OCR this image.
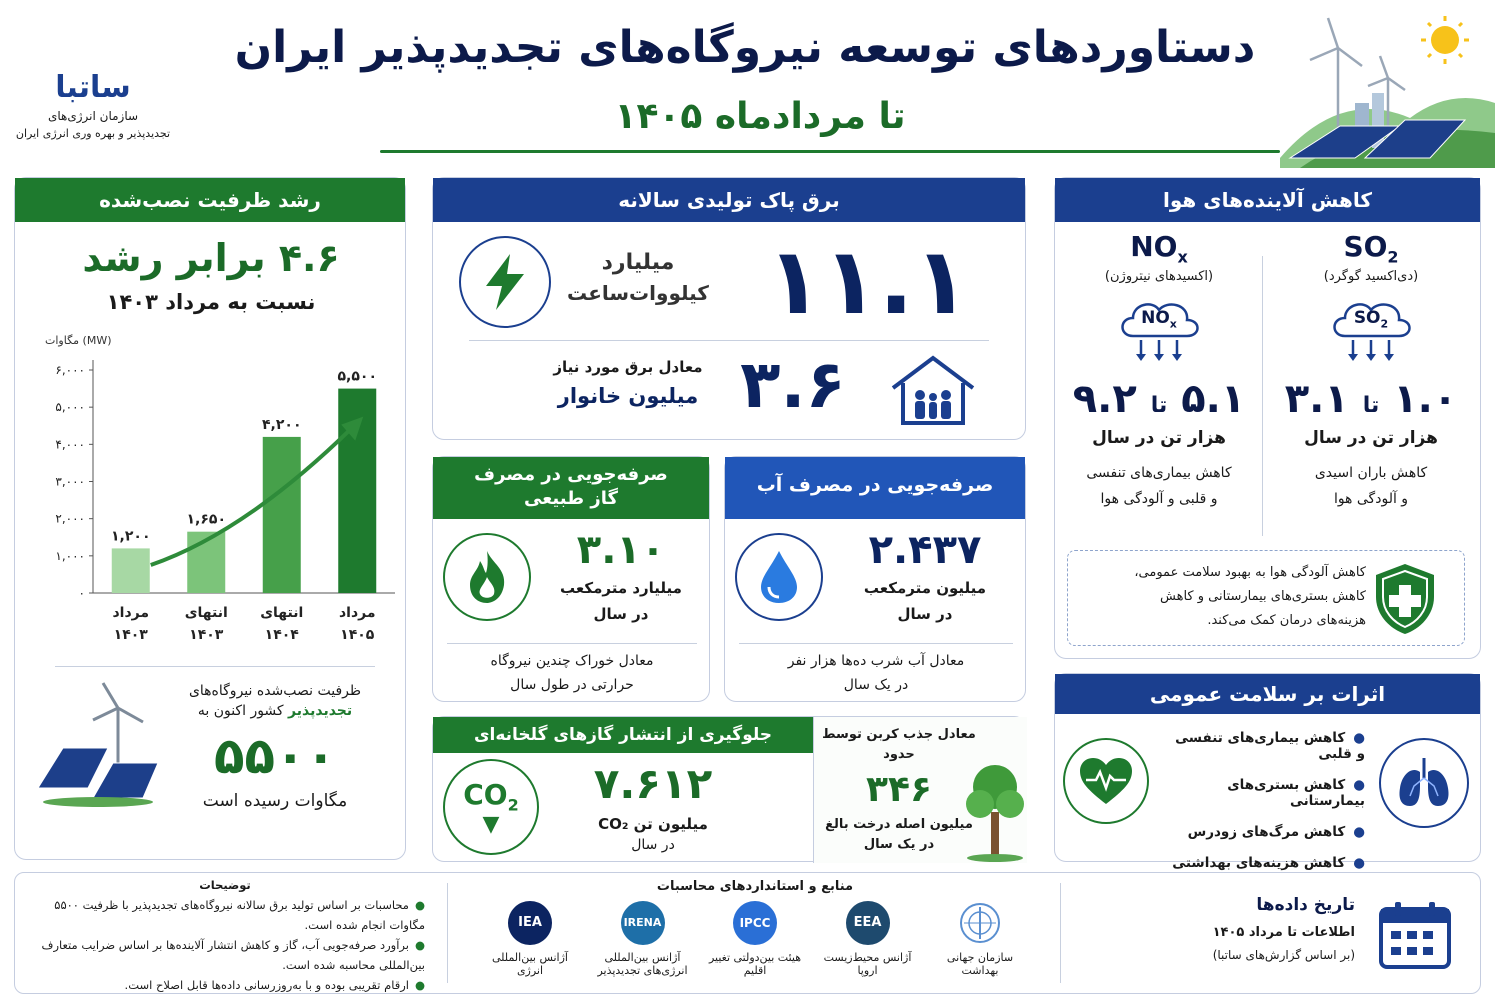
دستاوردهای توسعه نیروگاه‌های تجدیدپذیر ایران
تا مردادماه ۱۴۰۵
ساتبا
سازمان انرژی‌های
تجدیدپذیر و بهره وری انرژی ایران
رشد ظرفیت نصب‌شده
۴.۶ برابر رشد
نسبت به مرداد ۱۴۰۳
مگاوات (MW)
۰
۱,۰۰۰
۲,۰۰۰
۳,۰۰۰
۴,۰۰۰
۵,۰۰۰
۶,۰۰۰
۱,۲۰۰
مرداد
۱۴۰۳
۱,۶۵۰
انتهای
۱۴۰۳
۴,۲۰۰
انتهای
۱۴۰۴
۵,۵۰۰
مرداد
۱۴۰۵
ظرفیت نصب‌شده نیروگاه‌های
تجدیدپذیر کشور اکنون به
۵۵۰۰
مگاوات رسیده است
برق پاک تولیدی سالانه
میلیارد
کیلووات‌ساعت ۱۱.۱
معادل برق مورد نیاز
میلیون خانوار ۳.۶
صرفه‌جویی در مصرف
گاز طبیعی
۳.۱۰
میلیارد مترمکعب
در سال
معادل خوراک چندین نیروگاه
حرارتی در طول سال
صرفه‌جویی در مصرف آب
۲.۴۳۷
میلیون مترمکعب
در سال
معادل آب شرب ده‌ها هزار نفر
در یک سال
جلوگیری از انتشار گازهای گلخانه‌ای
$CO_2$
▼
۷.۶۱۲
میلیون تن CO₂
در سال
معادل جذب کربن توسط
حدود
۳۴۶
میلیون اصله درخت بالغ
در یک سال
کاهش آلاینده‌های هوا
$SO_2$
(دی‌اکسید گوگرد)
$SO_2$
۱.۰ تا ۳.۱
هزار تن در سال
کاهش باران اسیدی
و آلودگی هوا
$NO_x$
(اکسیدهای نیتروژن)
$NO_x$
۵.۱ تا ۹.۲
هزار تن در سال
کاهش بیماری‌های تنفسی
و قلبی و آلودگی هوا
کاهش آلودگی هوا به بهبود سلامت عمومی،
کاهش بستری‌های بیمارستانی و کاهش
هزینه‌های درمان کمک می‌کند.
اثرات بر سلامت عمومی
●کاهش بیماری‌های تنفسی و قلبی
●کاهش بستری‌های بیمارستانی
●کاهش مرگ‌های زودرس
●کاهش هزینه‌های بهداشتی
توضیحات
●محاسبات بر اساس تولید برق سالانه نیروگاه‌های تجدیدپذیر با ظرفیت ۵۵۰۰ مگاوات انجام شده است.
●برآورد صرفه‌جویی آب، گاز و کاهش انتشار آلاینده‌ها بر اساس ضرایب متعارف بین‌المللی محاسبه شده است.
●ارقام تقریبی بوده و با به‌روزرسانی داده‌ها قابل اصلاح است.
منابع و استانداردهای محاسبات
IEA
آژانس بین‌المللی
انرژی
IRENA
آژانس بین‌المللی
انرژی‌های تجدیدپذیر
IPCC
هیئت بین‌دولتی تغییر
اقلیم
EEA
آژانس محیط‌زیست
اروپا
سازمان جهانی
بهداشت
تاریخ داده‌ها
اطلاعات تا مرداد ۱۴۰۵
(بر اساس گزارش‌های ساتبا)
